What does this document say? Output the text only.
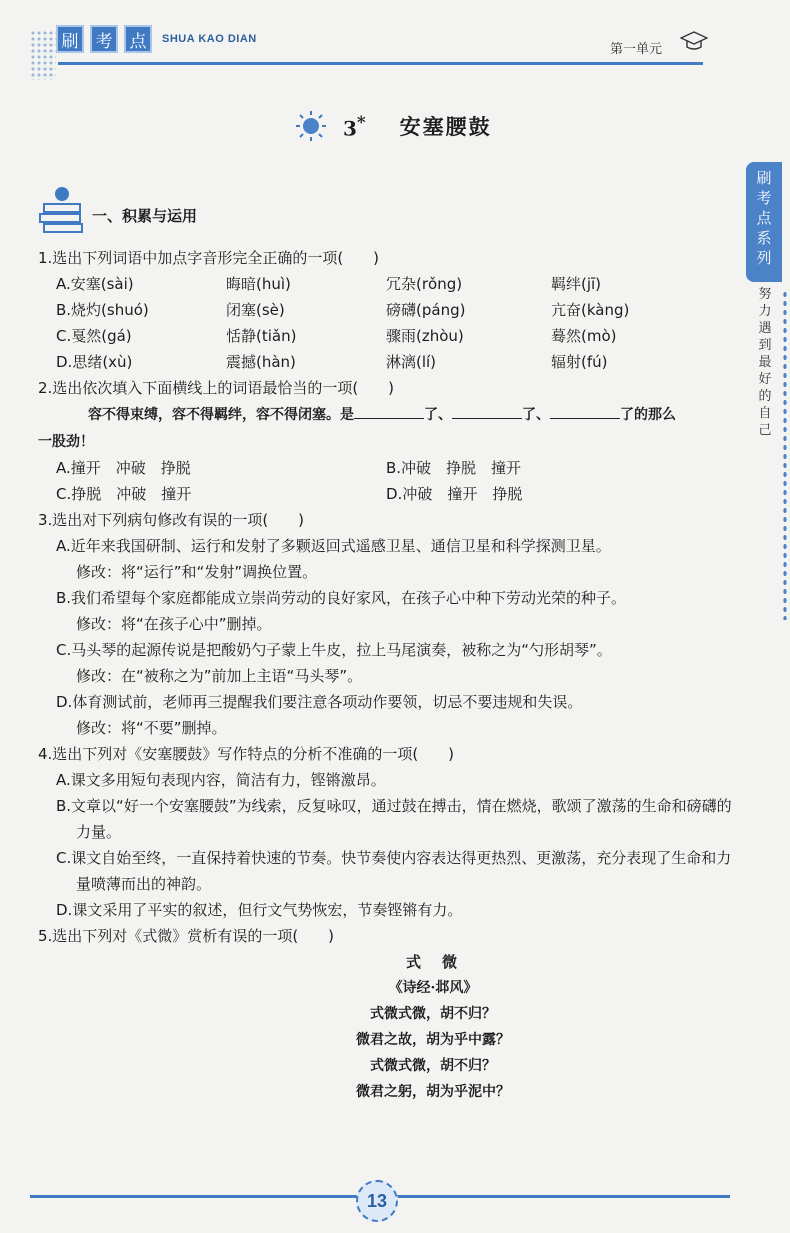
刷	考	点	SHUA KAO DIAN
第一单元
刷
考
点
系
列
努
力
遇
到
最
好
的
自
己
3* 安塞腰鼓
一、积累与运用

1.选出下列词语中加点字音形完全正确的一项(　　)

A.安塞(sài)	晦暗(huì)	冗杂(rǒng)	羁绊(jī)
B.烧灼(shuó)	闭塞(sè)	磅礴(páng)	亢奋(kàng)
C.戛然(gá)	恬静(tiǎn)	骤雨(zhòu)	蓦然(mò)
D.思绪(xù)	震撼(hàn)	淋漓(lí)	辐射(fú)

2.选出依次填入下面横线上的词语最恰当的一项(　　)

容不得束缚，容不得羁绊，容不得闭塞。是	了、	了、	了的那么
一股劲！
A.撞开　冲破　挣脱	B.冲破　挣脱　撞开
C.挣脱　冲破　撞开	D.冲破　撞开　挣脱

3.选出对下列病句修改有误的一项(　　)

A.近年来我国研制、运行和发射了多颗返回式遥感卫星、通信卫星和科学探测卫星。
修改：将“运行”和“发射”调换位置。
B.我们希望每个家庭都能成立崇尚劳动的良好家风，在孩子心中种下劳动光荣的种子。
修改：将“在孩子心中”删掉。
C.马头琴的起源传说是把酸奶勺子蒙上牛皮，拉上马尾演奏，被称之为“勺形胡琴”。
修改：在“被称之为”前加上主语“马头琴”。
D.体育测试前，老师再三提醒我们要注意各项动作要领，切忌不要违规和失误。
修改：将“不要”删掉。

4.选出下列对《安塞腰鼓》写作特点的分析不准确的一项(　　)

A.课文多用短句表现内容，简洁有力，铿锵激昂。
B.文章以“好一个安塞腰鼓”为线索，反复咏叹，通过鼓在搏击，情在燃烧，歌颂了激荡的生命和磅礴的力量。
C.课文自始至终，一直保持着快速的节奏。快节奏使内容表达得更热烈、更激荡，充分表现了生命和力量喷薄而出的神韵。
D.课文采用了平实的叙述，但行文气势恢宏，节奏铿锵有力。

5.选出下列对《式微》赏析有误的一项(　　)

式　微
《诗经·邶风》
式微式微，胡不归？
微君之故，胡为乎中露？
式微式微，胡不归？
微君之躬，胡为乎泥中？
13
